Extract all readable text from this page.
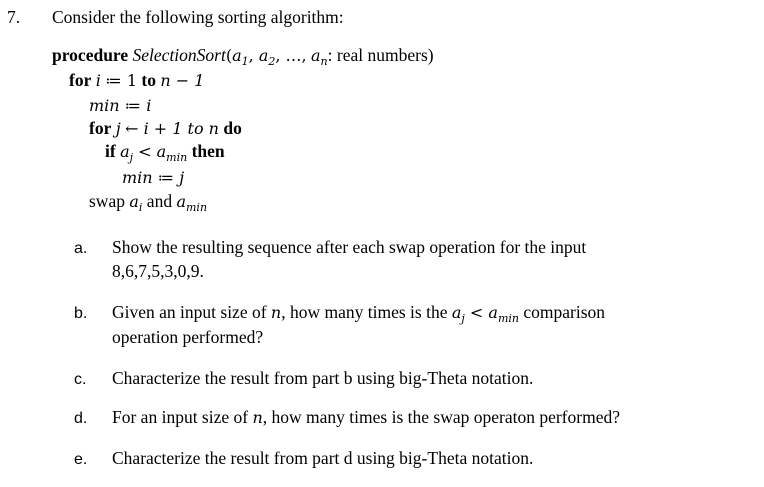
7. Consider the following sorting algorithm:
procedure $SelectionSort(a_1$, $a_2$, …, $a_n$: real numbers)
for i ≔ 1 to n − 1
min ≔ i
for j ← i + 1 to n do
if $a_j < a_{min}$ then
min ≔ j
swap $a_i$ and $a_{min}$
a. Show the resulting sequence after each swap operation for the input
8,6,7,5,3,0,9.
b. Given an input size of n, how many times is the $a_j < a_{min}$ comparison
operation performed?
c. Characterize the result from part b using big-Theta notation.
d. For an input size of n, how many times is the swap operaton performed?
e. Characterize the result from part d using big-Theta notation.
